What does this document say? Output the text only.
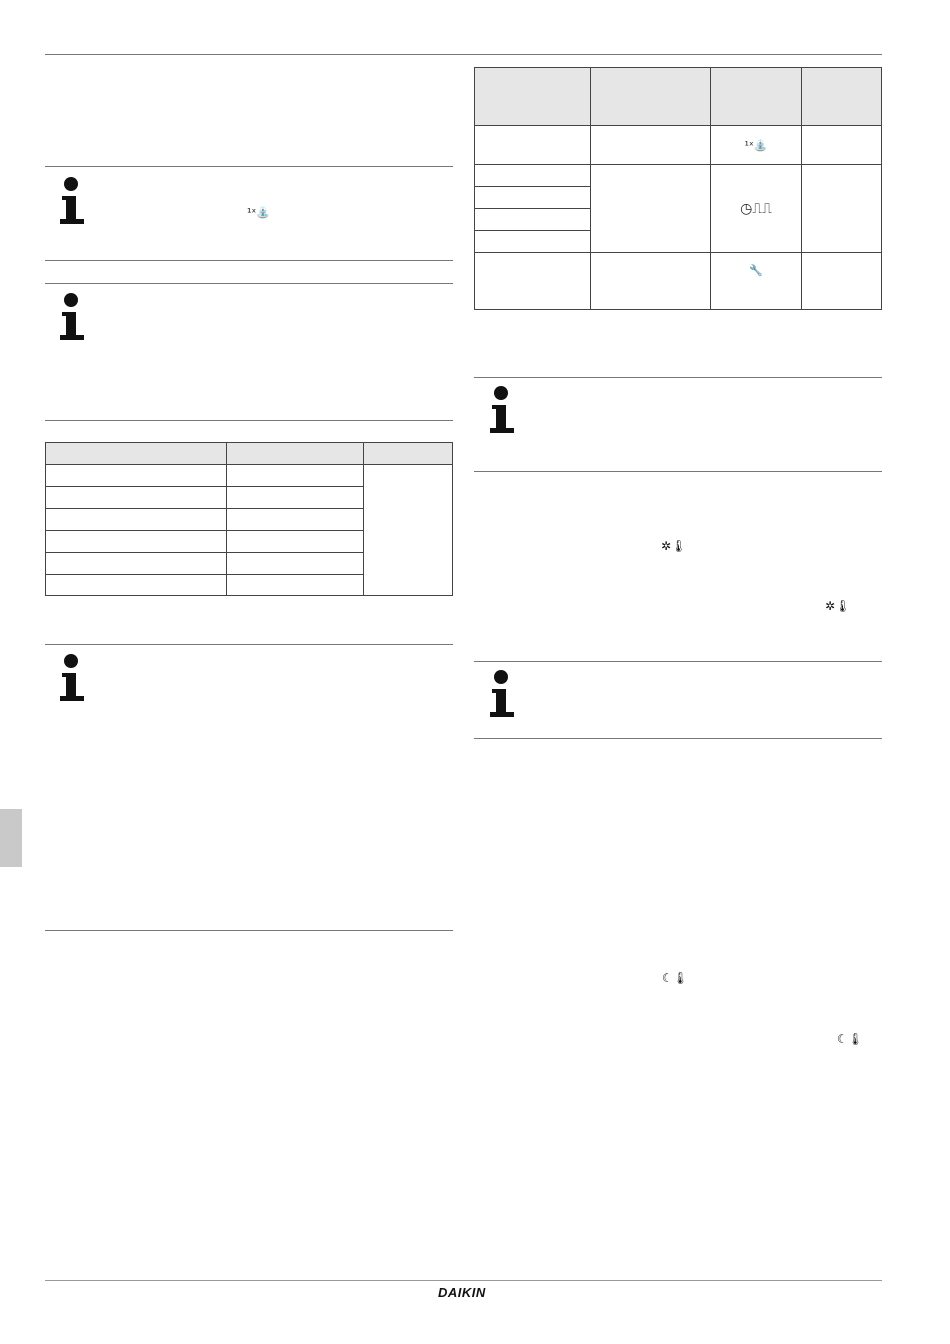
¹ˣ⛲

		¹ˣ⛲	
		◷⎍⎍	

		🔧	
✲🌡
✲🌡
☾🌡
☾🌡
DAIKIN
